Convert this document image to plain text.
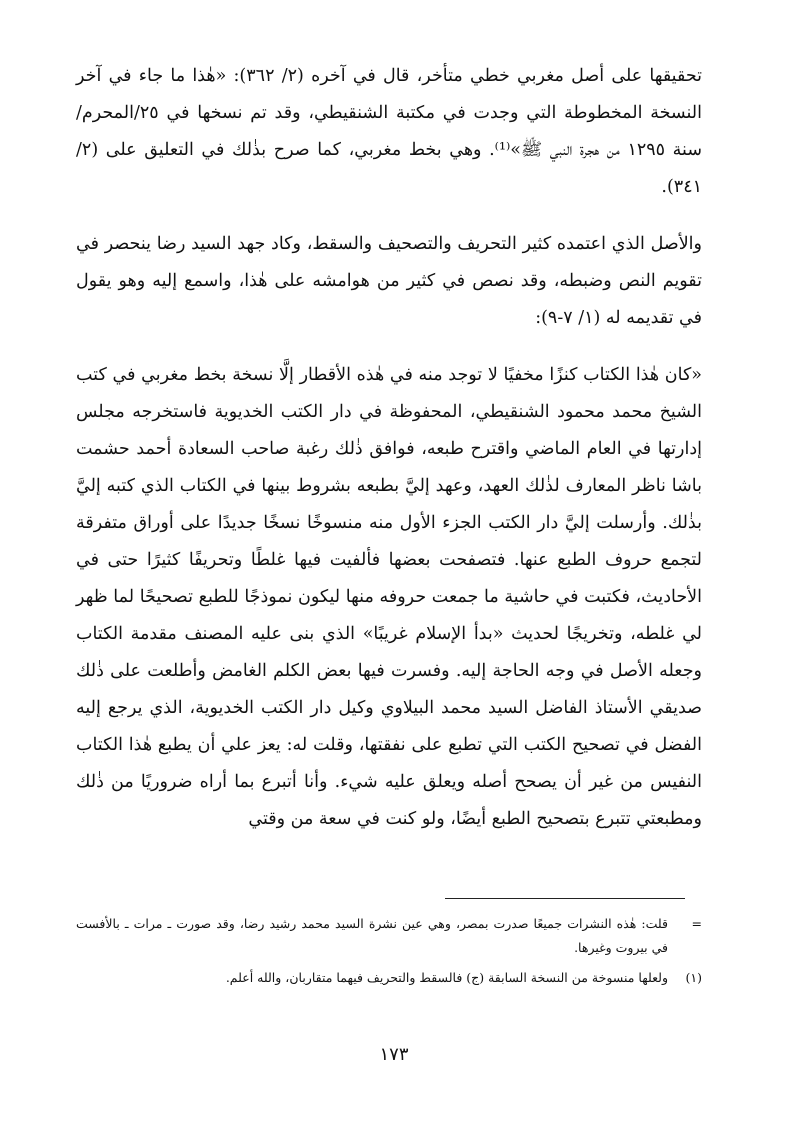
تحقيقها على أصل مغربي خطي متأخر، قال في آخره (٢/ ٣٦٢): «هٰذا ما جاء في آخر النسخة المخطوطة التي وجدت في مكتبة الشنقيطي، وقد تم نسخها في ٢٥/المحرم/سنة ١٢٩٥ من هجرة النبي ﷺ»⁽¹⁾. وهي بخط مغربي، كما صرح بذٰلك في التعليق على (٢/ ٣٤١).

والأصل الذي اعتمده كثير التحريف والتصحيف والسقط، وكاد جهد السيد رضا ينحصر في تقويم النص وضبطه، وقد نصص في كثير من هوامشه على هٰذا، واسمع إليه وهو يقول في تقديمه له (١/ ٧-٩):

«كان هٰذا الكتاب كنزًا مخفيًا لا توجد منه في هٰذه الأقطار إلَّا نسخة بخط مغربي في كتب الشيخ محمد محمود الشنقيطي، المحفوظة في دار الكتب الخديوية فاستخرجه مجلس إدارتها في العام الماضي واقترح طبعه، فوافق ذٰلك رغبة صاحب السعادة أحمد حشمت باشا ناظر المعارف لذٰلك العهد، وعهد إليَّ بطبعه بشروط بينها في الكتاب الذي كتبه إليَّ بذٰلك. وأرسلت إليَّ دار الكتب الجزء الأول منه منسوخًا نسخًا جديدًا على أوراق متفرقة لتجمع حروف الطبع عنها. فتصفحت بعضها فألفيت فيها غلطًا وتحريفًا كثيرًا حتى في الأحاديث، فكتبت في حاشية ما جمعت حروفه منها ليكون نموذجًا للطبع تصحيحًا لما ظهر لي غلطه، وتخريجًا لحديث «بدأ الإسلام غريبًا» الذي بنى عليه المصنف مقدمة الكتاب وجعله الأصل في وجه الحاجة إليه. وفسرت فيها بعض الكلم الغامض وأطلعت على ذٰلك صديقي الأستاذ الفاضل السيد محمد البيلاوي وكيل دار الكتب الخديوية، الذي يرجع إليه الفضل في تصحيح الكتب التي تطبع على نفقتها، وقلت له: يعز علي أن يطبع هٰذا الكتاب النفيس من غير أن يصحح أصله ويعلق عليه شيء. وأنا أتبرع بما أراه ضروريًا من ذٰلك ومطبعتي تتبرع بتصحيح الطبع أيضًا، ولو كنت في سعة من وقتي

=
قلت: هٰذه النشرات جميعًا صدرت بمصر، وهي عين نشرة السيد محمد رشيد رضا، وقد صورت ـ مرات ـ بالأفست في بيروت وغيرها.
(١)
ولعلها منسوخة من النسخة السابقة (ج) فالسقط والتحريف فيهما متقاربان، والله أعلم.
١٧٣
